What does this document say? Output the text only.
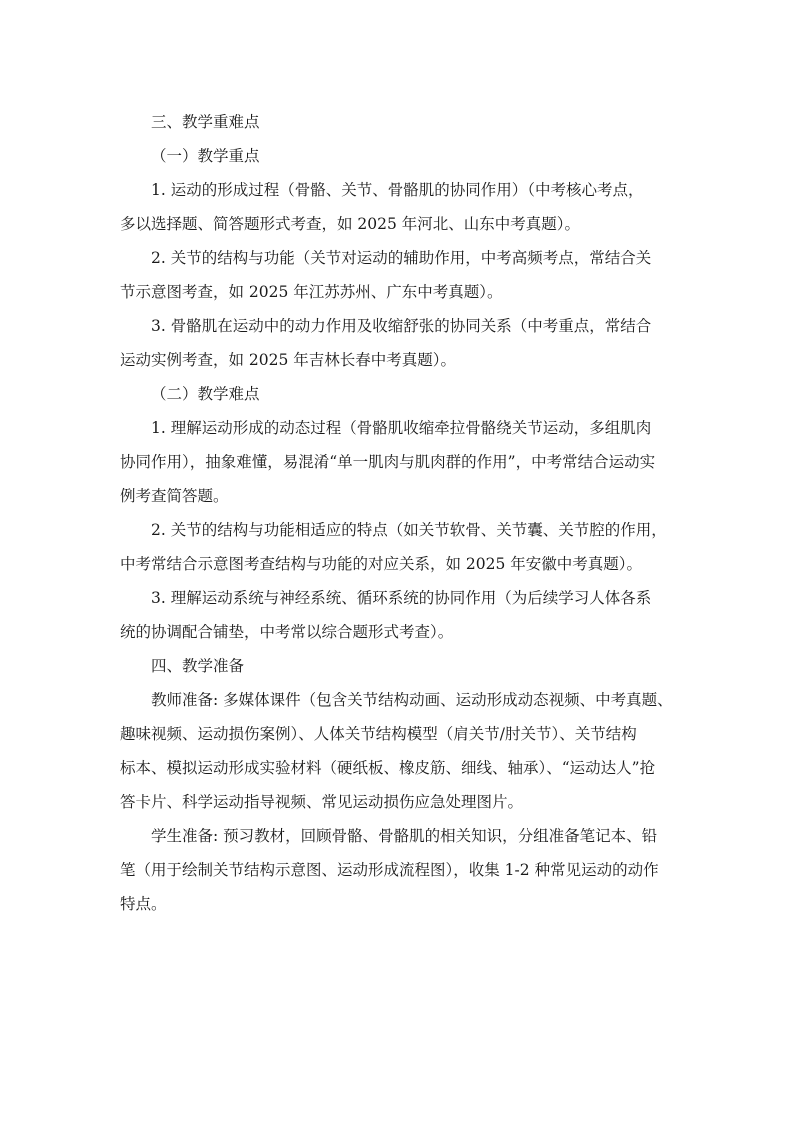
三、教学重难点

（一）教学重点

1. 运动的形成过程（骨骼、关节、骨骼肌的协同作用）（中考核心考点，

多以选择题、简答题形式考查，如 2025 年河北、山东中考真题）。

2. 关节的结构与功能（关节对运动的辅助作用，中考高频考点，常结合关

节示意图考查，如 2025 年江苏苏州、广东中考真题）。

3. 骨骼肌在运动中的动力作用及收缩舒张的协同关系（中考重点，常结合

运动实例考查，如 2025 年吉林长春中考真题）。

（二）教学难点

1. 理解运动形成的动态过程（骨骼肌收缩牵拉骨骼绕关节运动，多组肌肉

协同作用），抽象难懂，易混淆“单一肌肉与肌肉群的作用”，中考常结合运动实

例考查简答题。

2. 关节的结构与功能相适应的特点（如关节软骨、关节囊、关节腔的作用，

中考常结合示意图考查结构与功能的对应关系，如 2025 年安徽中考真题）。

3. 理解运动系统与神经系统、循环系统的协同作用（为后续学习人体各系

统的协调配合铺垫，中考常以综合题形式考查）。

四、教学准备

教师准备: 多媒体课件（包含关节结构动画、运动形成动态视频、中考真题、

趣味视频、运动损伤案例）、人体关节结构模型（肩关节/肘关节）、关节结构

标本、模拟运动形成实验材料（硬纸板、橡皮筋、细线、轴承）、“运动达人”抢

答卡片、科学运动指导视频、常见运动损伤应急处理图片。

学生准备: 预习教材，回顾骨骼、骨骼肌的相关知识，分组准备笔记本、铅

笔（用于绘制关节结构示意图、运动形成流程图），收集 1-2 种常见运动的动作

特点。
